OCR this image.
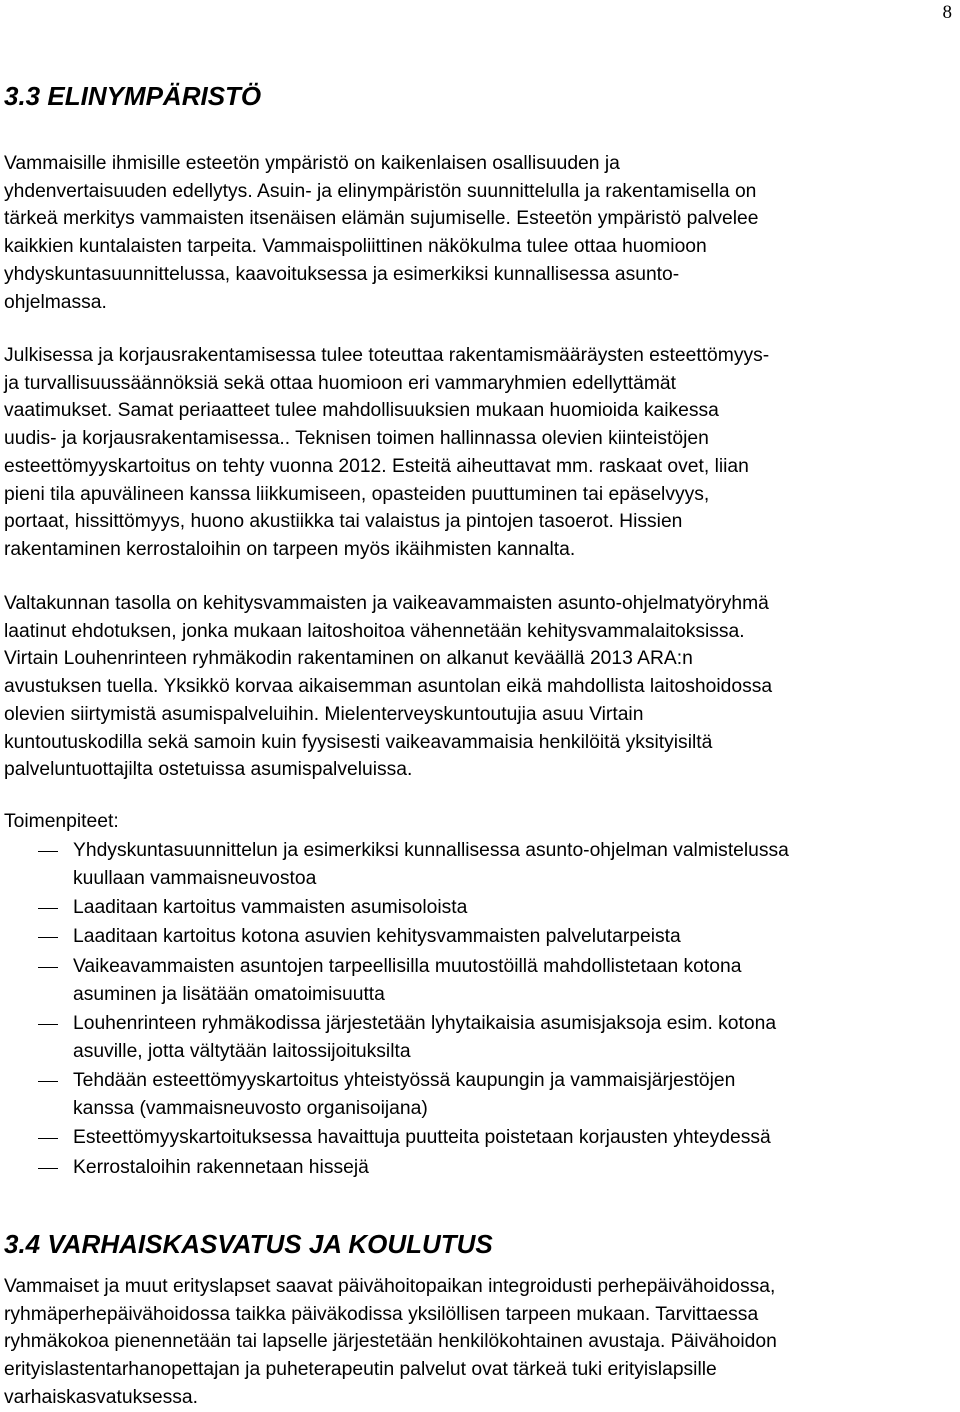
8
3.3 ELINYMPÄRISTÖ

Vammaisille ihmisille esteetön ympäristö on kaikenlaisen osallisuuden ja
yhdenvertaisuuden edellytys. Asuin- ja elinympäristön suunnittelulla ja rakentamisella on
tärkeä merkitys vammaisten itsenäisen elämän sujumiselle. Esteetön ympäristö palvelee
kaikkien kuntalaisten tarpeita. Vammaispoliittinen näkökulma tulee ottaa huomioon
yhdyskuntasuunnittelussa, kaavoituksessa ja esimerkiksi kunnallisessa asunto-
ohjelmassa.

Julkisessa ja korjausrakentamisessa tulee toteuttaa rakentamismääräysten esteettömyys-
ja turvallisuussäännöksiä sekä ottaa huomioon eri vammaryhmien edellyttämät
vaatimukset. Samat periaatteet tulee mahdollisuuksien mukaan huomioida kaikessa
uudis- ja korjausrakentamisessa.. Teknisen toimen hallinnassa olevien kiinteistöjen
esteettömyyskartoitus on tehty vuonna 2012. Esteitä aiheuttavat mm. raskaat ovet, liian
pieni tila apuvälineen kanssa liikkumiseen, opasteiden puuttuminen tai epäselvyys,
portaat, hissittömyys, huono akustiikka tai valaistus ja pintojen tasoerot. Hissien
rakentaminen kerrostaloihin on tarpeen myös ikäihmisten kannalta.

Valtakunnan tasolla on kehitysvammaisten ja vaikeavammaisten asunto-ohjelmatyöryhmä
laatinut ehdotuksen, jonka mukaan laitoshoitoa vähennetään kehitysvammalaitoksissa.
Virtain Louhenrinteen ryhmäkodin rakentaminen on alkanut keväällä 2013 ARA:n
avustuksen tuella. Yksikkö korvaa aikaisemman asuntolan eikä mahdollista laitoshoidossa
olevien siirtymistä asumispalveluihin. Mielenterveyskuntoutujia asuu Virtain
kuntoutuskodilla sekä samoin kuin fyysisesti vaikeavammaisia henkilöitä yksityisiltä
palveluntuottajilta ostetuissa asumispalveluissa.

Toimenpiteet:

Yhdyskuntasuunnittelun ja esimerkiksi kunnallisessa asunto-ohjelman valmistelussa
kuullaan vammaisneuvostoa
Laaditaan kartoitus vammaisten asumisoloista
Laaditaan kartoitus kotona asuvien kehitysvammaisten palvelutarpeista
Vaikeavammaisten asuntojen tarpeellisilla muutostöillä mahdollistetaan kotona
asuminen ja lisätään omatoimisuutta
Louhenrinteen ryhmäkodissa järjestetään lyhytaikaisia asumisjaksoja esim. kotona
asuville, jotta vältytään laitossijoituksilta
Tehdään esteettömyyskartoitus yhteistyössä kaupungin ja vammaisjärjestöjen
kanssa (vammaisneuvosto organisoijana)
Esteettömyyskartoituksessa havaittuja puutteita poistetaan korjausten yhteydessä
Kerrostaloihin rakennetaan hissejä
3.4 VARHAISKASVATUS JA KOULUTUS

Vammaiset ja muut erityslapset saavat päivähoitopaikan integroidusti perhepäivähoidossa,
ryhmäperhepäivähoidossa taikka päiväkodissa yksilöllisen tarpeen mukaan. Tarvittaessa
ryhmäkokoa pienennetään tai lapselle järjestetään henkilökohtainen avustaja. Päivähoidon
erityislastentarhanopettajan ja puheterapeutin palvelut ovat tärkeä tuki erityislapsille
varhaiskasvatuksessa.
